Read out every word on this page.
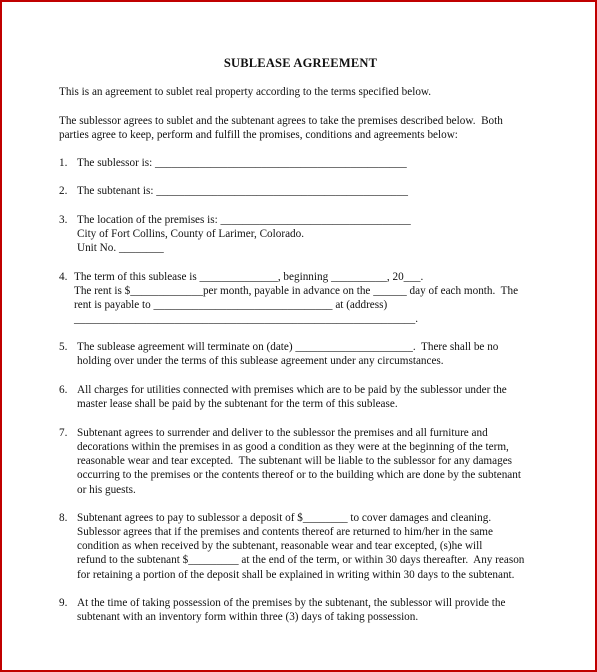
SUBLEASE AGREEMENT
This is an agreement to sublet real property according to the terms specified below.
The sublessor agrees to sublet and the subtenant agrees to take the premises described below.  Both
parties agree to keep, perform and fulfill the promises, conditions and agreements below:
1. The sublessor is: _____________________________________________
2. The subtenant is: _____________________________________________
3. The location of the premises is: __________________________________
City of Fort Collins, County of Larimer, Colorado.
Unit No. ________
4. The term of this sublease is ______________, beginning __________, 20___.
The rent is $_____________per month, payable in advance on the ______ day of each month.  The
rent is payable to ________________________________ at (address)
_____________________________________________________________.
5. The sublease agreement will terminate on (date) _____________________.  There shall be no
holding over under the terms of this sublease agreement under any circumstances.
6. All charges for utilities connected with premises which are to be paid by the sublessor under the
master lease shall be paid by the subtenant for the term of this sublease.
7. Subtenant agrees to surrender and deliver to the sublessor the premises and all furniture and
decorations within the premises in as good a condition as they were at the beginning of the term,
reasonable wear and tear excepted.  The subtenant will be liable to the sublessor for any damages
occurring to the premises or the contents thereof or to the building which are done by the subtenant
or his guests.
8. Subtenant agrees to pay to sublessor a deposit of $________ to cover damages and cleaning.
Sublessor agrees that if the premises and contents thereof are returned to him/her in the same
condition as when received by the subtenant, reasonable wear and tear excepted, (s)he will
refund to the subtenant $_________ at the end of the term, or within 30 days thereafter.  Any reason
for retaining a portion of the deposit shall be explained in writing within 30 days to the subtenant.
9. At the time of taking possession of the premises by the subtenant, the sublessor will provide the
subtenant with an inventory form within three (3) days of taking possession.
